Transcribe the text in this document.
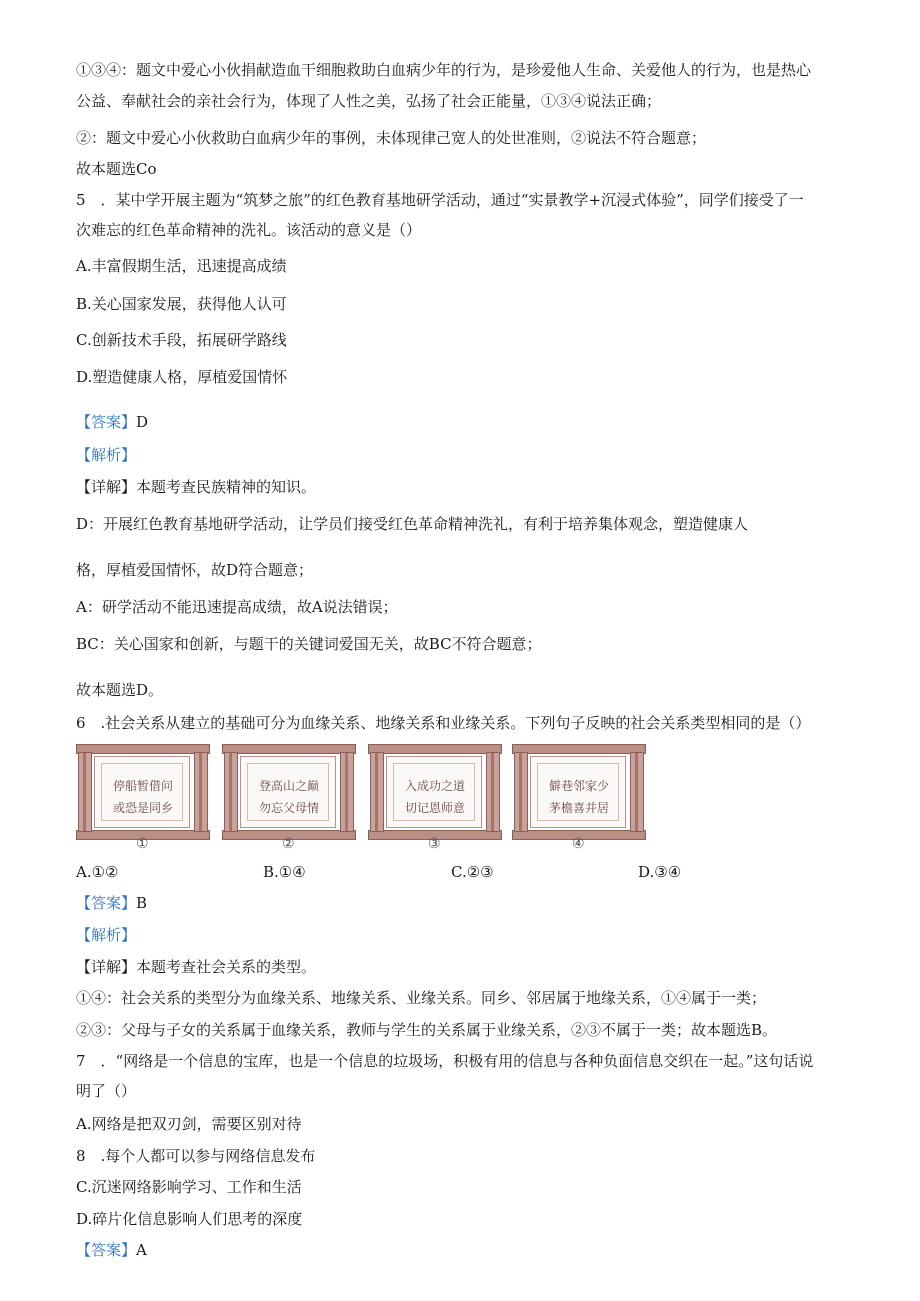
①③④：题文中爱心小伙捐献造血干细胞救助白血病少年的行为，是珍爱他人生命、关爱他人的行为，也是热心
公益、奉献社会的亲社会行为，体现了人性之美，弘扬了社会正能量，①③④说法正确；
②：题文中爱心小伙救助白血病少年的事例，未体现律己宽人的处世准则，②说法不符合题意；
故本题选Co
5　．某中学开展主题为“筑梦之旅”的红色教育基地研学活动，通过“实景教学+沉浸式体验”，同学们接受了一
次难忘的红色革命精神的洗礼。该活动的意义是（）
A.丰富假期生活，迅速提高成绩
B.关心国家发展，获得他人认可
C.创新技术手段，拓展研学路线
D.塑造健康人格，厚植爱国情怀
【答案】D
【解析】
【详解】本题考查民族精神的知识。
D：开展红色教育基地研学活动，让学员们接受红色革命精神洗礼，有利于培养集体观念，塑造健康人
格，厚植爱国情怀，故D符合题意；
A：研学活动不能迅速提高成绩，故A说法错误；
BC：关心国家和创新，与题干的关键词爱国无关，故BC不符合题意；
故本题选D。
6　.社会关系从建立的基础可分为血缘关系、地缘关系和业缘关系。下列句子反映的社会关系类型相同的是（）
停船暂借问
或恐是同乡
①
登高山之巅
勿忘父母情
②
入成功之道
切记恩师意
③
僻巷邻家少
茅檐喜并居
④
A.①②	B.①④	C.②③	D.③④
【答案】B
【解析】
【详解】本题考查社会关系的类型。
①④：社会关系的类型分为血缘关系、地缘关系、业缘关系。同乡、邻居属于地缘关系，①④属于一类；
②③：父母与子女的关系属于血缘关系，教师与学生的关系属于业缘关系，②③不属于一类；故本题选B。
7　．“网络是一个信息的宝库，也是一个信息的垃圾场，积极有用的信息与各种负面信息交织在一起。”这句话说
明了（）
A.网络是把双刃剑，需要区别对待
8　.每个人都可以参与网络信息发布
C.沉迷网络影响学习、工作和生活
D.碎片化信息影响人们思考的深度
【答案】A
